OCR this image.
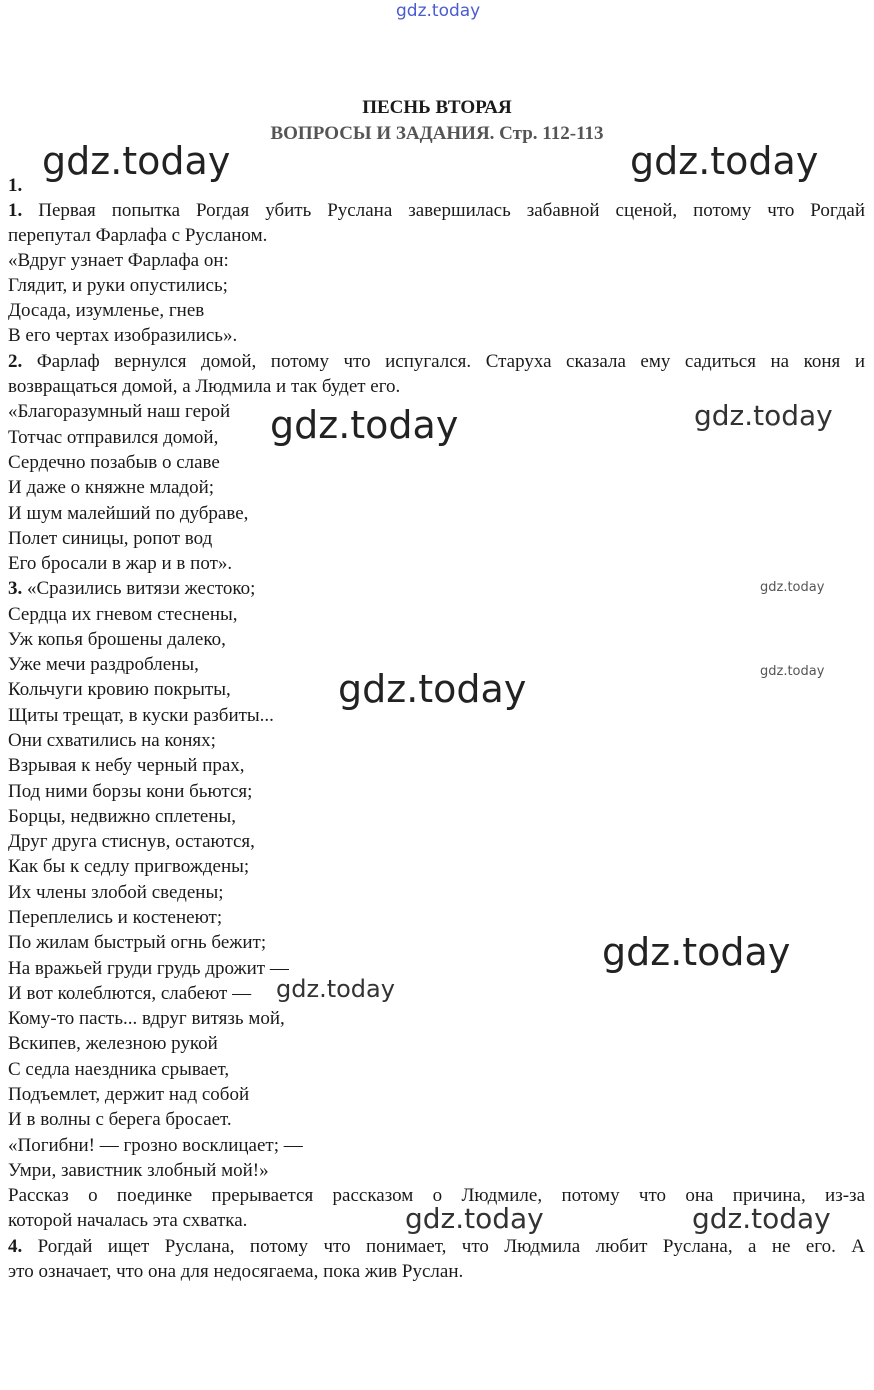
gdz.today
gdz.today	gdz.today
gdz.today	gdz.today
gdz.today
gdz.today
gdz.today
gdz.today
gdz.today
gdz.today	gdz.today
ПЕСНЬ ВТОРАЯ
ВОПРОСЫ И ЗАДАНИЯ. Стр. 112-113
1.
1. Первая попытка Рогдая убить Руслана завершилась забавной сценой, потому что Рогдай
перепутал Фарлафа с Русланом.
«Вдруг узнает Фарлафа он:
Глядит, и руки опустились;
Досада, изумленье, гнев
В его чертах изобразились».
2. Фарлаф вернулся домой, потому что испугался. Старуха сказала ему садиться на коня и
возвращаться домой, а Людмила и так будет его.
«Благоразумный наш герой
Тотчас отправился домой,
Сердечно позабыв о славе
И даже о княжне младой;
И шум малейший по дубраве,
Полет синицы, ропот вод
Его бросали в жар и в пот».
3. «Сразились витязи жестоко;
Сердца их гневом стеснены,
Уж копья брошены далеко,
Уже мечи раздроблены,
Кольчуги кровию покрыты,
Щиты трещат, в куски разбиты...
Они схватились на конях;
Взрывая к небу черный прах,
Под ними борзы кони бьются;
Борцы, недвижно сплетены,
Друг друга стиснув, остаются,
Как бы к седлу пригвождены;
Их члены злобой сведены;
Переплелись и костенеют;
По жилам быстрый огнь бежит;
На вражьей груди грудь дрожит —
И вот колеблются, слабеют —
Кому-то пасть... вдруг витязь мой,
Вскипев, железною рукой
С седла наездника срывает,
Подъемлет, держит над собой
И в волны с берега бросает.
«Погибни! — грозно восклицает; —
Умри, завистник злобный мой!»
Рассказ о поединке прерывается рассказом о Людмиле, потому что она причина, из-за
которой началась эта схватка.
4. Рогдай ищет Руслана, потому что понимает, что Людмила любит Руслана, а не его. А
это означает, что она для недосягаема, пока жив Руслан.
